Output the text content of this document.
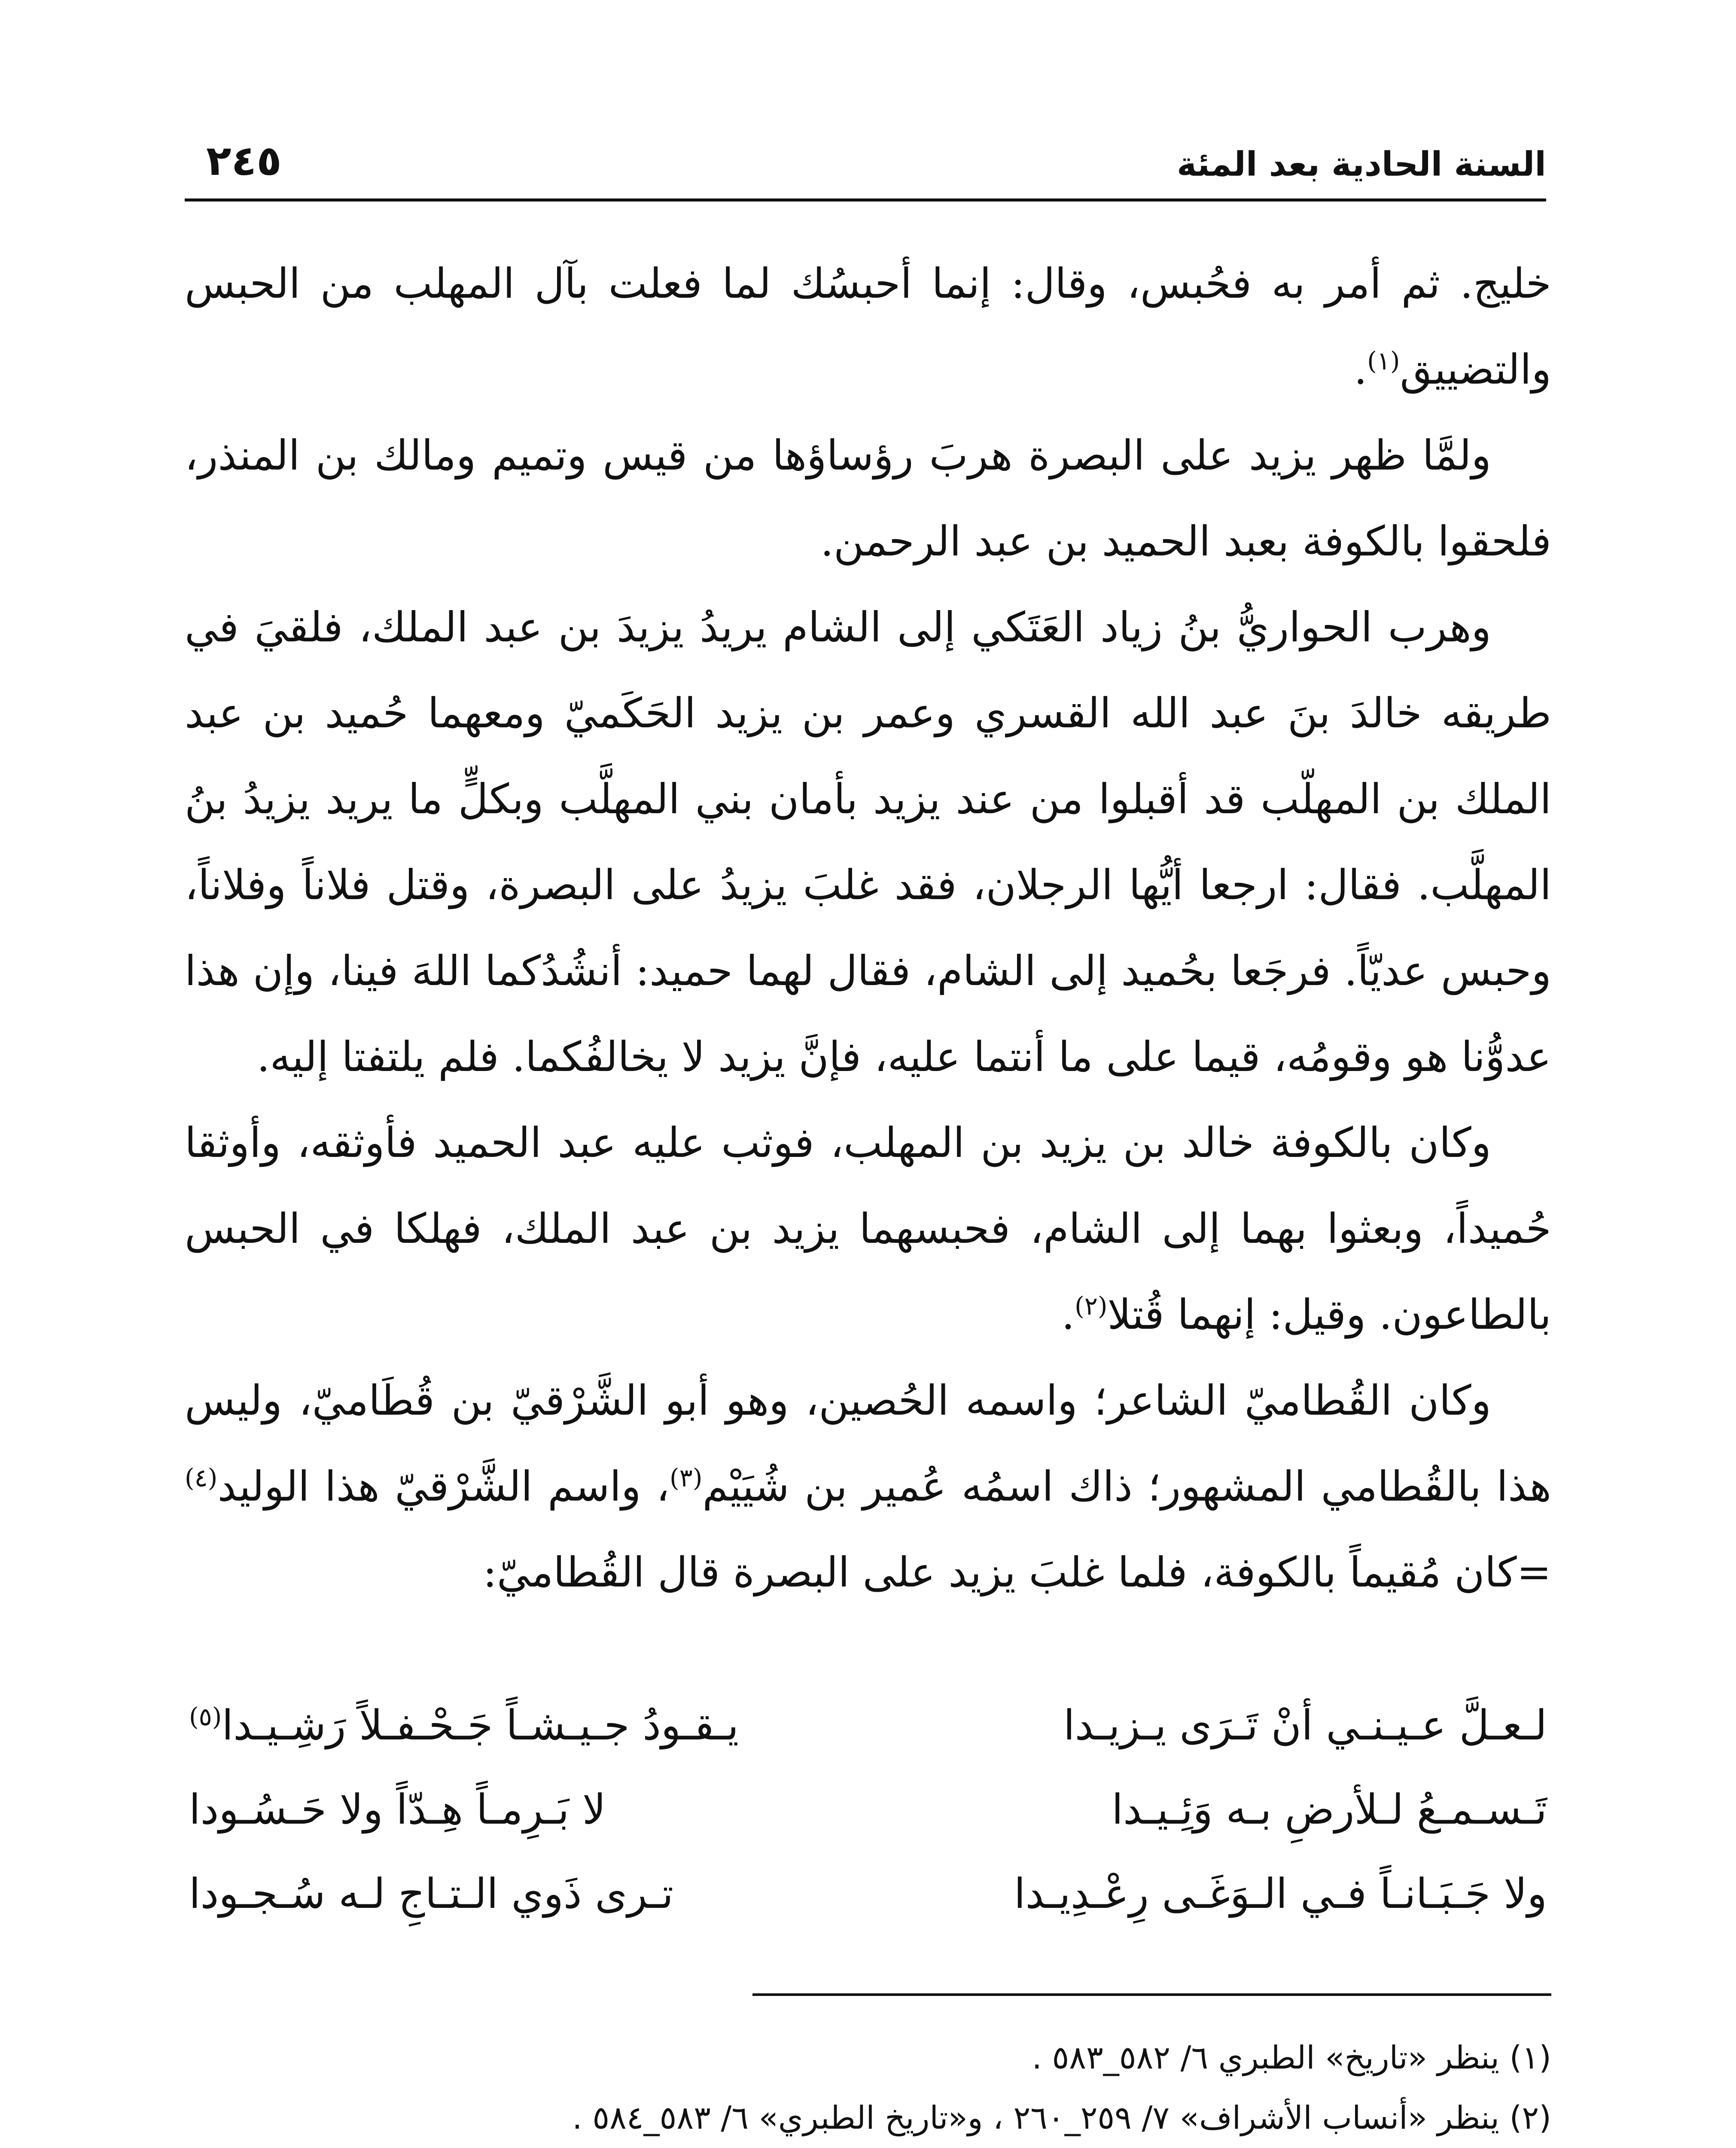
السنة الحادية بعد المئة
٢٤٥

خليج. ثم أمر به فحُبس، وقال: إنما أحبسُك لما فعلت بآل المهلب من الحبس والتضييق$^{(١)}$.

ولمَّا ظهر يزيد على البصرة هربَ رؤساؤها من قيس وتميم ومالك بن المنذر، فلحقوا بالكوفة بعبد الحميد بن عبد الرحمن.

وهرب الحواريُّ بنُ زياد العَتَكي إلى الشام يريدُ يزيدَ بن عبد الملك، فلقيَ في طريقه خالدَ بنَ عبد الله القسري وعمر بن يزيد الحَكَميّ ومعهما حُميد بن عبد الملك بن المهلّب قد أقبلوا من عند يزيد بأمان بني المهلَّب وبكلٍّ ما يريد يزيدُ بنُ المهلَّب. فقال: ارجعا أيُّها الرجلان، فقد غلبَ يزيدُ على البصرة، وقتل فلاناً وفلاناً، وحبس عديّاً. فرجَعا بحُميد إلى الشام، فقال لهما حميد: أنشُدُكما اللهَ فينا، وإن هذا عدوُّنا هو وقومُه، قيما على ما أنتما عليه، فإنَّ يزيد لا يخالفُكما. فلم يلتفتا إليه.

وكان بالكوفة خالد بن يزيد بن المهلب، فوثب عليه عبد الحميد فأوثقه، وأوثقا حُميداً، وبعثوا بهما إلى الشام، فحبسهما يزيد بن عبد الملك، فهلكا في الحبس بالطاعون. وقيل: إنهما قُتلا$^{(٢)}$.

وكان القُطاميّ الشاعر؛ واسمه الحُصين، وهو أبو الشَّرْقيّ بن قُطَاميّ، وليس هذا بالقُطامي المشهور؛ ذاك اسمُه عُمير بن شُيَيْم$^{(٣)}$، واسم الشَّرْقيّ هذا الوليد$^{(٤)}$ =كان مُقيماً بالكوفة، فلما غلبَ يزيد على البصرة قال القُطاميّ:

لـعـلَّ عـيـنـي أنْ تَـرَى يـزيـدا
يـقـودُ جـيـشـاً جَـحْـفـلاً رَشِـيـدا$^{(٥)}$
تَـسـمـعُ لـلأرضِ بـه وَئِـيـدا
لا بَـرِمـاً هِـدّاً ولا حَـسُـودا
ولا جَـبَـانـاً فـي الـوَغَـى رِعْـدِيـدا
تـرى ذَوي الـتـاجِ لـه سُـجـودا

(١) ينظر «تاريخ» الطبري ٦/ ٥٨٢_٥٨٣ .

(٢) ينظر «أنساب الأشراف» ٧/ ٢٥٩_٢٦٠ ، و«تاريخ الطبري» ٦/ ٥٨٣_٥٨٤ .
